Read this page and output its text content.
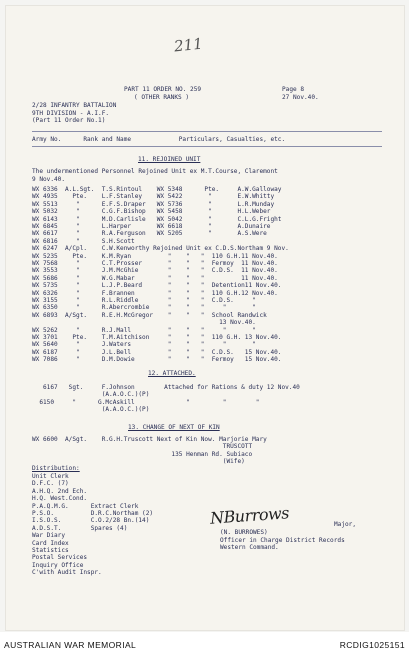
211
PART 11 ORDER NO. 259	Page 8
( OTHER RANKS )	27 Nov.40.
2/28 INFANTRY BATTALION
9TH DIVISION - A.I.F.
(Part 11 Order No.1)
Army No.      Rank and Name             Particulars, Casualties, etc.
11. REJOINED UNIT
The undermentioned Personnel Rejoined Unit ex M.T.Course, Claremont
9 Nov.40.
WX 6336  A.L.Sgt.  T.S.Rintoul    WX 5348      Pte.     A.W.Galloway
WX 4935    Pte.    L.F.Stanley    WX 5422       "       E.W.Whitty
WX 5513     "      E.F.S.Draper   WX 5736       "       L.R.Munday
WX 5032     "      C.G.F.Bishop   WX 5458       "       H.L.Weber
WX 6143     "      M.D.Carlisle   WX 5042       "       C.L.G.Fright
WX 6845     "      L.Harper       WX 6618       "       A.Dunaire
WX 6617     "      R.A.Ferguson   WX 5205       "       A.S.Were
WX 6816     "      S.H.Scott
WX 6247  A/Cpl.    C.W.Kenworthy Rejoined Unit ex C.D.S.Northam 9 Nov.
WX 5235    Pte.    K.M.Ryan          "    "   "  110 G.H.11 Nov.40.
WX 7568     "      C.T.Prosser       "    "   "  Fermoy  11 Nov.40.
WX 3553     "      J.M.McGhie        "    "   "  C.D.S.  11 Nov.40.
WX 5686     "      W.G.Mabar         "    "   "          11 Nov.40.
WX 5735     "      L.J.P.Beard       "    "   "  Detention11 Nov.40.
WX 6326     "      F.Brannen         "    "   "  110 G.H.12 Nov.40.
WX 3155     "      R.L.Riddle        "    "   "  C.D.S.     "
WX 6350     "      R.Abercrombie     "    "   "     "       "
WX 6893  A/Sgt.    R.E.H.McGregor    "    "   "  School Randwick
13 Nov.40.
WX 5262     "      R.J.Mall          "    "   "     "       "
WX 3701    Pte.    T.M.Aitchison     "    "   "  110 G.H. 13 Nov.40.
WX 5640     "      J.Waters          "    "   "     "       "
WX 6187     "      J.L.Bell          "    "   "  C.D.S.   15 Nov.40.
WX 7086     "      D.M.Dowie         "    "   "  Fermoy   15 Nov.40.
12. ATTACHED.
6167   Sgt.     F.Johnson        Attached for Rations & duty 12 Nov.40
(A.A.O.C.)(P)
6150     "      G.McAskill              "         "        "
(A.A.O.C.)(P)
13. CHANGE OF NEXT OF KIN
WX 6600  A/Sgt.    R.G.H.Truscott Next of Kin Now. Marjorie Mary
TRUSCOTT
135 Henman Rd. Subiaco
(Wife)
Distribution:
Unit Clerk
D.F.C. (7)
A.H.Q. 2nd Ech.
H.Q. West.Cond.
P.A.Q.M.G.      Extract Clerk
P.S.O.          D.R.C.Northam (2)
I.S.O.S.        C.O.2/28 Bn.(14)
A.D.S.T.        Spares (4)
War Diary
Card Index
Statistics
Postal Services
Inquiry Office
C'with Audit Inspr.
NBurrows	Major,
(N. BURROWES)
Officer in Charge District Records
Western Command.
AUSTRALIAN WAR MEMORIAL	RCDIG1025151
